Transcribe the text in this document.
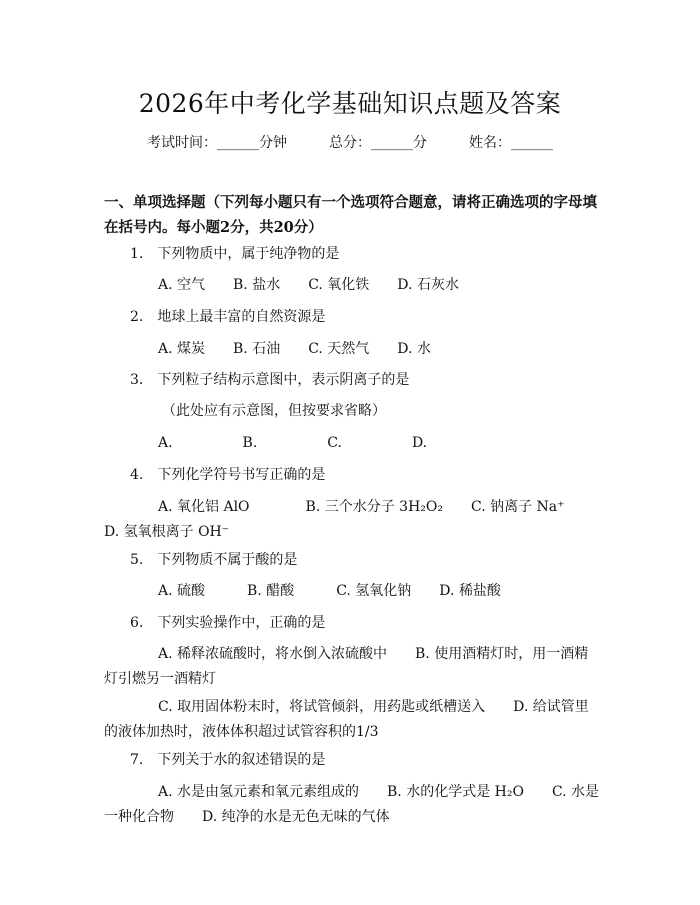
2026年中考化学基础知识点题及答案
考试时间：______分钟　　　	总分：______分　　　	姓名：______
一、单项选择题（下列每小题只有一个选项符合题意，请将正确选项的字母填在括号内。每小题2分，共20分）
1.　下列物质中，属于纯净物的是
A. 空气　　B. 盐水　　C. 氧化铁　　D. 石灰水
2.　地球上最丰富的自然资源是
A. 煤炭　　B. 石油　　C. 天然气　　D. 水
3.　下列粒子结构示意图中，表示阴离子的是
（此处应有示意图，但按要求省略）
A.　　　　　B.　　　　　C.　　　　　D.
4.　下列化学符号书写正确的是
A. 氧化铝 AlO　　　　B. 三个水分子 3H₂O₂　　C. 钠离子 Na⁺　　D. 氢氧根离子 OH⁻
5.　下列物质不属于酸的是
A. 硫酸　　　B. 醋酸　　　C. 氢氧化钠　　D. 稀盐酸
6.　下列实验操作中，正确的是
A. 稀释浓硫酸时，将水倒入浓硫酸中　　B. 使用酒精灯时，用一酒精灯引燃另一酒精灯
C. 取用固体粉末时，将试管倾斜，用药匙或纸槽送入　　D. 给试管里的液体加热时，液体体积超过试管容积的1/3
7.　下列关于水的叙述错误的是
A. 水是由氢元素和氧元素组成的　　B. 水的化学式是 H₂O　　C. 水是一种化合物　　D. 纯净的水是无色无味的气体
